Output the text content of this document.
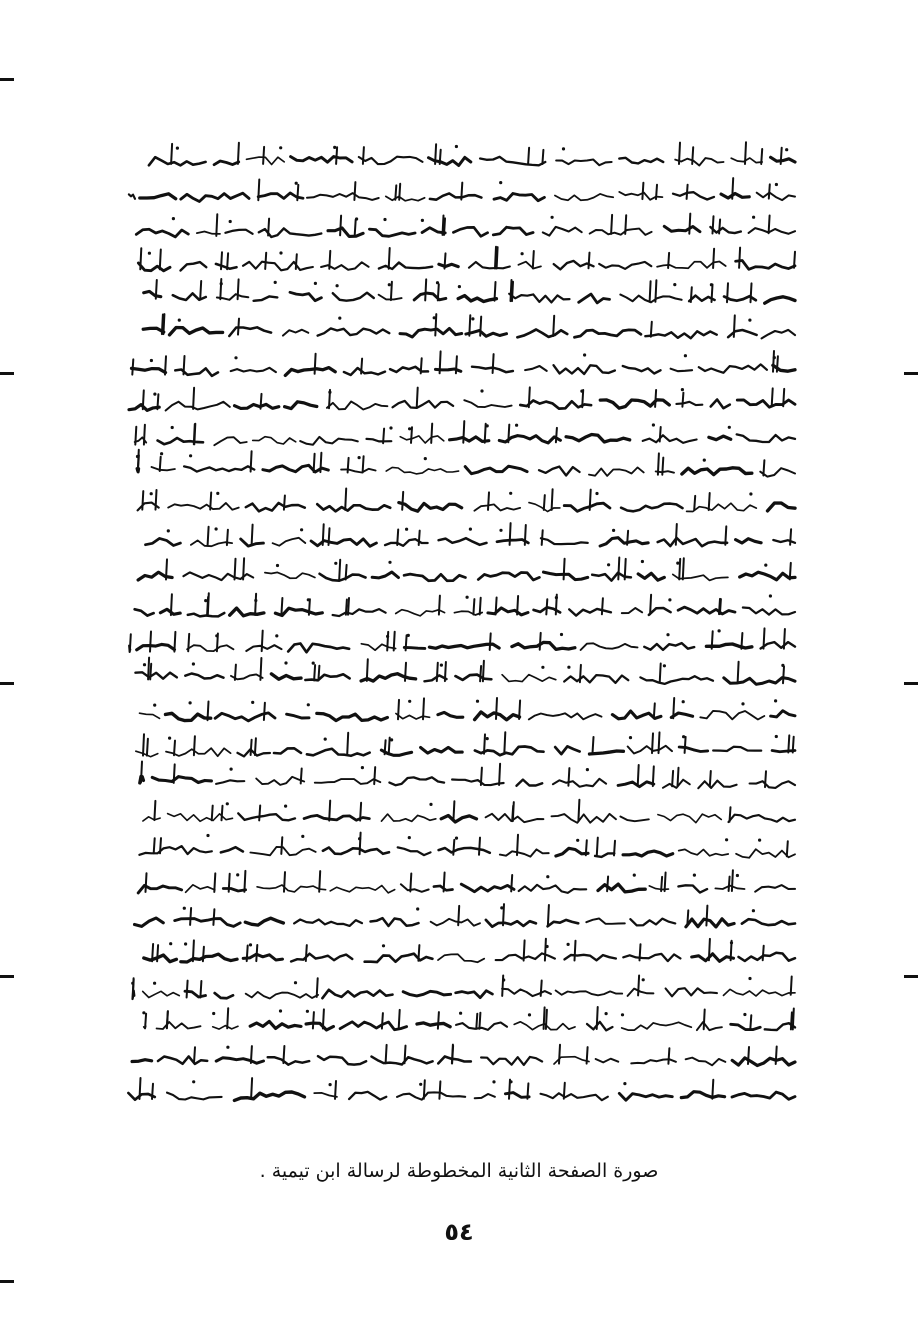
صورة الصفحة الثانية المخطوطة لرسالة ابن تيمية .
٥٤
